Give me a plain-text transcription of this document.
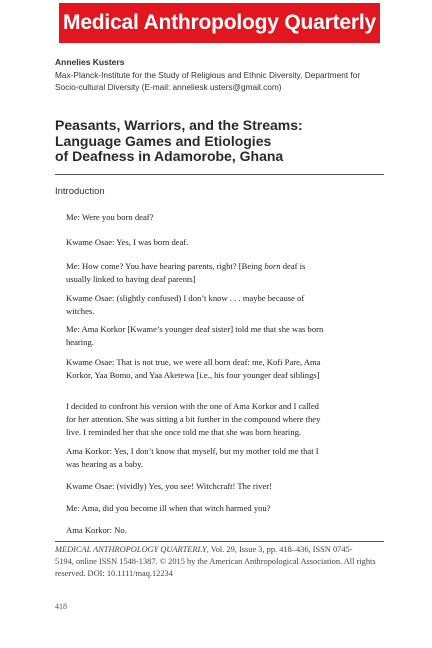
Medical Anthropology Quarterly
Annelies Kusters

Max-Planck-Institute for the Study of Religious and Ethnic Diversity, Department for

Socio-cultural Diversity (E-mail: anneliesk usters@gmail.com)

Peasants, Warriors, and the Streams:

Language Games and Etiologies

of Deafness in Adamorobe, Ghana

Introduction

Me: Were you born deaf?

Kwame Osae: Yes, I was born deaf.

Me: How come? You have hearing parents, right? [Being born deaf is

usually linked to having deaf parents]

Kwame Osae: (slightly confused) I don’t know . . . maybe because of

witches.

Me: Ama Korkor [Kwame’s younger deaf sister] told me that she was born

hearing.

Kwame Osae: That is not true, we were all born deaf: me, Kofi Pare, Ama

Korkor, Yaa Bomo, and Yaa Aketewa [i.e., his four younger deaf siblings]

I decided to confront his version with the one of Ama Korkor and I called

for her attention. She was sitting a bit further in the compound where they

live. I reminded her that she once told me that she was born hearing.

Ama Korkor: Yes, I don’t know that myself, but my mother told me that I

was hearing as a baby.

Kwame Osae: (vividly) Yes, you see! Witchcraft! The river!

Me: Ama, did you become ill when that witch harmed you?

Ama Korkor: No.

MEDICAL ANTHROPOLOGY QUARTERLY, Vol. 29, Issue 3, pp. 418–436, ISSN 0745-

5194, online ISSN 1548-1387. © 2015 by the American Anthropological Association. All rights

reserved. DOI: 10.1111/maq.12234

418
